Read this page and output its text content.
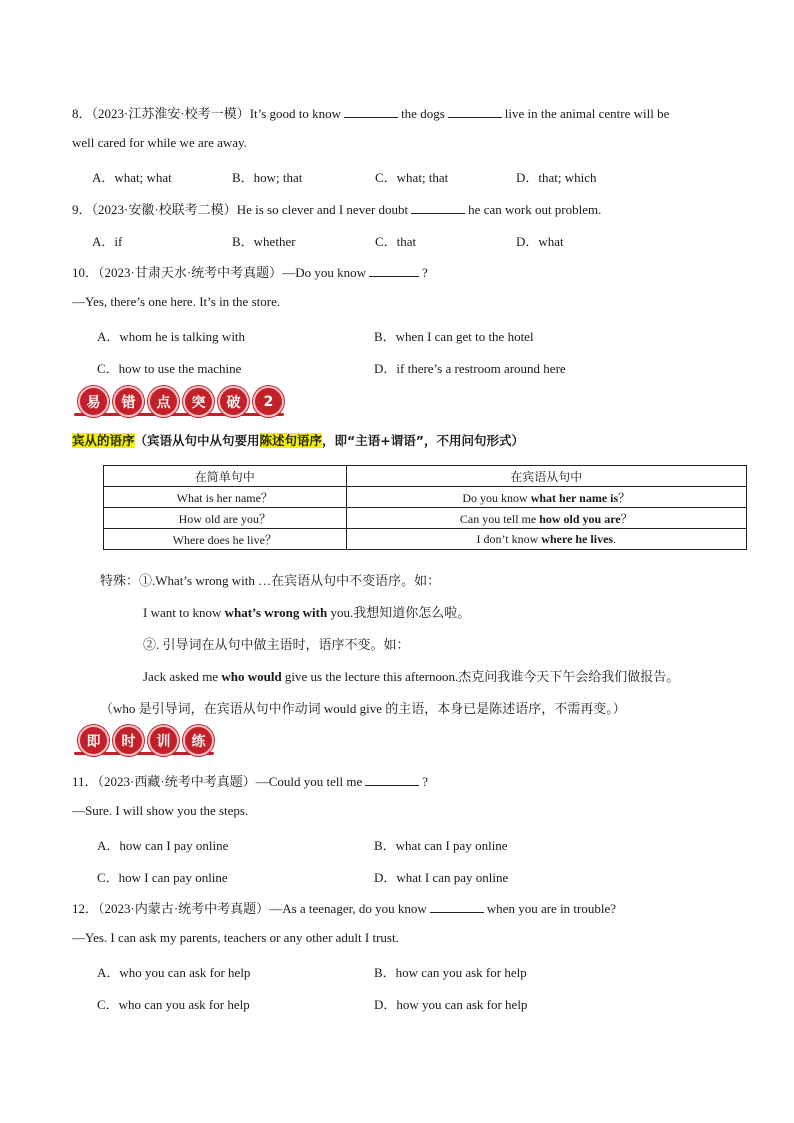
8．（2023·江苏淮安·校考一模）It’s good to know	the dogs	live in the animal centre will be
well cared for while we are away.
A．what; what	B．how; that	C．what; that	D．that; which
9．（2023·安徽·校联考二模）He is so clever and I never doubt	he can work out problem.
A．if	B．whether	C．that	D．what
10．（2023·甘肃天水·统考中考真题）—Do you know	?
—Yes, there’s one here. It’s in the store.
A．whom he is talking with	B．when I can get to the hotel
C．how to use the machine	D．if there’s a restroom around here
易	错	点	突	破	2
宾从的语序（宾语从句中从句要用陈述句语序，即“主语+谓语”，不用问句形式）
在简单句中	在宾语从句中
What is her name？	Do you know what her name is？
How old are you？	Can you tell me how old you are？
Where does he live？	I don’t know where he lives.
特殊：①.What’s wrong with …在宾语从句中不变语序。如：
I want to know what’s wrong with you.我想知道你怎么啦。
②. 引导词在从句中做主语时，语序不变。如：
Jack asked me who would give us the lecture this afternoon.杰克问我谁今天下午会给我们做报告。
（who 是引导词，在宾语从句中作动词 would give 的主语，本身已是陈述语序，不需再变。）
即	时	训	练
11．（2023·西藏·统考中考真题）—Could you tell me	?
—Sure. I will show you the steps.
A．how can I pay online	B．what can I pay online
C．how I can pay online	D．what I can pay online
12．（2023·内蒙古·统考中考真题）—As a teenager, do you know	when you are in trouble?
—Yes. I can ask my parents, teachers or any other adult I trust.
A．who you can ask for help	B．how can you ask for help
C．who can you ask for help	D．how you can ask for help
